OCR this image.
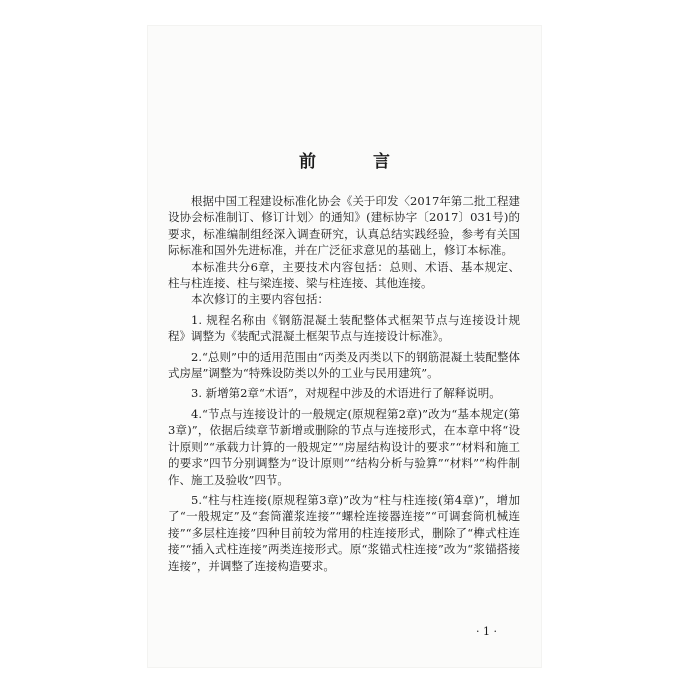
前　言

根据中国工程建设标准化协会《关于印发〈2017年第二批工程建设协会标准制订、修订计划〉的通知》(建标协字〔2017〕031号)的要求，标准编制组经深入调查研究，认真总结实践经验，参考有关国际标准和国外先进标准，并在广泛征求意见的基础上，修订本标准。

本标准共分6章，主要技术内容包括：总则、术语、基本规定、柱与柱连接、柱与梁连接、梁与柱连接、其他连接。

本次修订的主要内容包括：

1. 规程名称由《钢筋混凝土装配整体式框架节点与连接设计规程》调整为《装配式混凝土框架节点与连接设计标准》。

2.“总则”中的适用范围由“丙类及丙类以下的钢筋混凝土装配整体式房屋”调整为“特殊设防类以外的工业与民用建筑”。

3. 新增第2章“术语”，对规程中涉及的术语进行了解释说明。

4.“节点与连接设计的一般规定(原规程第2章)”改为“基本规定(第3章)”，依据后续章节新增或删除的节点与连接形式，在本章中将“设计原则”“承载力计算的一般规定”“房屋结构设计的要求”“材料和施工的要求”四节分别调整为“设计原则”“结构分析与验算”“材料”“构件制作、施工及验收”四节。

5.“柱与柱连接(原规程第3章)”改为“柱与柱连接(第4章)”，增加了“一般规定”及“套筒灌浆连接”“螺栓连接器连接”“可调套筒机械连接”“多层柱连接”四种目前较为常用的柱连接形式，删除了“榫式柱连接”“插入式柱连接”两类连接形式。原“浆锚式柱连接”改为“浆锚搭接连接”，并调整了连接构造要求。

· 1 ·
